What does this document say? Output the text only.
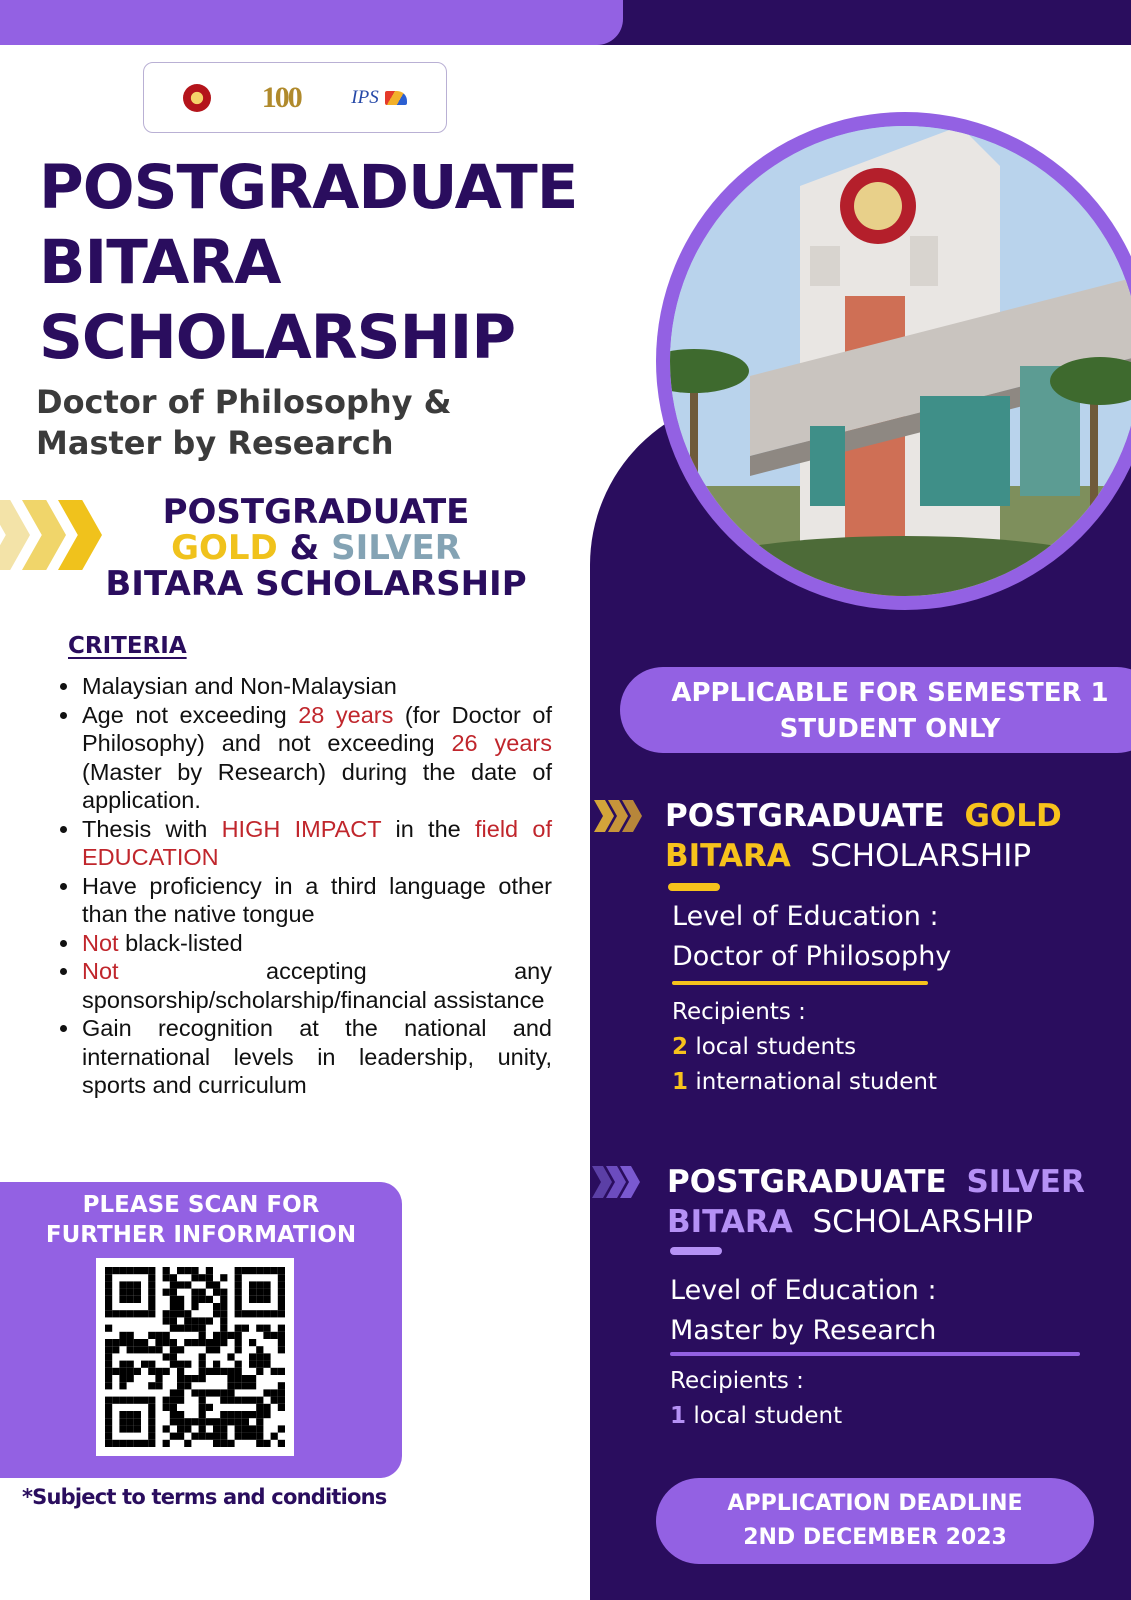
100	IPS
POSTGRADUATE
BITARA
SCHOLARSHIP
Doctor of Philosophy &
Master by Research
POSTGRADUATE
GOLD & SILVER
BITARA SCHOLARSHIP
CRITERIA
Malaysian and Non-Malaysian
Age not exceeding 28 years (for Doctor of Philosophy) and not exceeding 26 years (Master by Research) during the date of application.
Thesis with HIGH IMPACT in the field of EDUCATION
Have proficiency in a third language other than the native tongue
Not black-listed
Not accepting any sponsorship/scholarship/financial assistance
Gain recognition at the national and international levels in leadership, unity, sports and curriculum
PLEASE SCAN FOR
FURTHER INFORMATION
*Subject to terms and conditions
APPLICABLE FOR SEMESTER 1
STUDENT ONLY
POSTGRADUATE GOLD
BITARA SCHOLARSHIP
Level of Education :
Doctor of Philosophy
Recipients :
2 local students
1 international student
POSTGRADUATE SILVER
BITARA SCHOLARSHIP
Level of Education :
Master by Research
Recipients :
1 local student
APPLICATION DEADLINE
2ND DECEMBER 2023
